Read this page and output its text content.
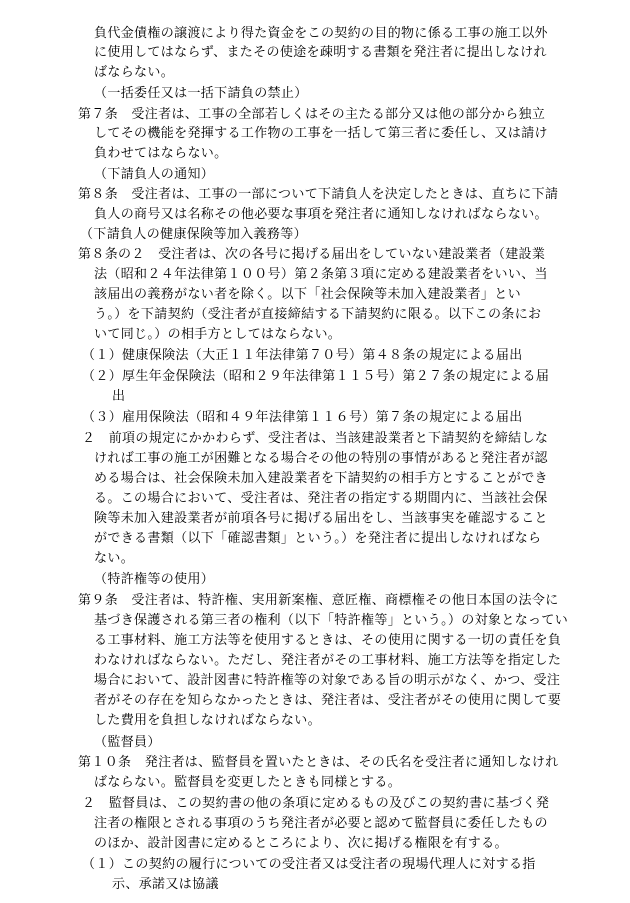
負代金債権の譲渡により得た資金をこの契約の目的物に係る工事の施工以外
に使用してはならず、またその使途を疎明する書類を発注者に提出しなけれ
ばならない。
（一括委任又は一括下請負の禁止）
第７条　受注者は、工事の全部若しくはその主たる部分又は他の部分から独立
してその機能を発揮する工作物の工事を一括して第三者に委任し、又は請け
負わせてはならない。
（下請負人の通知）
第８条　受注者は、工事の一部について下請負人を決定したときは、直ちに下請
負人の商号又は名称その他必要な事項を発注者に通知しなければならない。
（下請負人の健康保険等加入義務等）
第８条の２　受注者は、次の各号に掲げる届出をしていない建設業者（建設業
法（昭和２４年法律第１００号）第２条第３項に定める建設業者をいい、当
該届出の義務がない者を除く。以下「社会保険等未加入建設業者」とい
う。）を下請契約（受注者が直接締結する下請契約に限る。以下この条にお
いて同じ。）の相手方としてはならない。
（１）健康保険法（大正１１年法律第７０号）第４８条の規定による届出
（２）厚生年金保険法（昭和２９年法律第１１５号）第２７条の規定による届
出
（３）雇用保険法（昭和４９年法律第１１６号）第７条の規定による届出
２　前項の規定にかかわらず、受注者は、当該建設業者と下請契約を締結しな
ければ工事の施工が困難となる場合その他の特別の事情があると発注者が認
める場合は、社会保険未加入建設業者を下請契約の相手方とすることができ
る。この場合において、受注者は、発注者の指定する期間内に、当該社会保
険等未加入建設業者が前項各号に掲げる届出をし、当該事実を確認すること
ができる書類（以下「確認書類」という。）を発注者に提出しなければなら
ない。
（特許権等の使用）
第９条　受注者は、特許権、実用新案権、意匠権、商標権その他日本国の法令に
基づき保護される第三者の権利（以下「特許権等」という。）の対象となってい
る工事材料、施工方法等を使用するときは、その使用に関する一切の責任を負
わなければならない。ただし、発注者がその工事材料、施工方法等を指定した
場合において、設計図書に特許権等の対象である旨の明示がなく、かつ、受注
者がその存在を知らなかったときは、発注者は、受注者がその使用に関して要
した費用を負担しなければならない。
（監督員）
第１０条　発注者は、監督員を置いたときは、その氏名を受注者に通知しなけれ
ばならない。監督員を変更したときも同様とする。
２　監督員は、この契約書の他の条項に定めるもの及びこの契約書に基づく発
注者の権限とされる事項のうち発注者が必要と認めて監督員に委任したもの
のほか、設計図書に定めるところにより、次に掲げる権限を有する。
（１）この契約の履行についての受注者又は受注者の現場代理人に対する指
示、承諾又は協議
